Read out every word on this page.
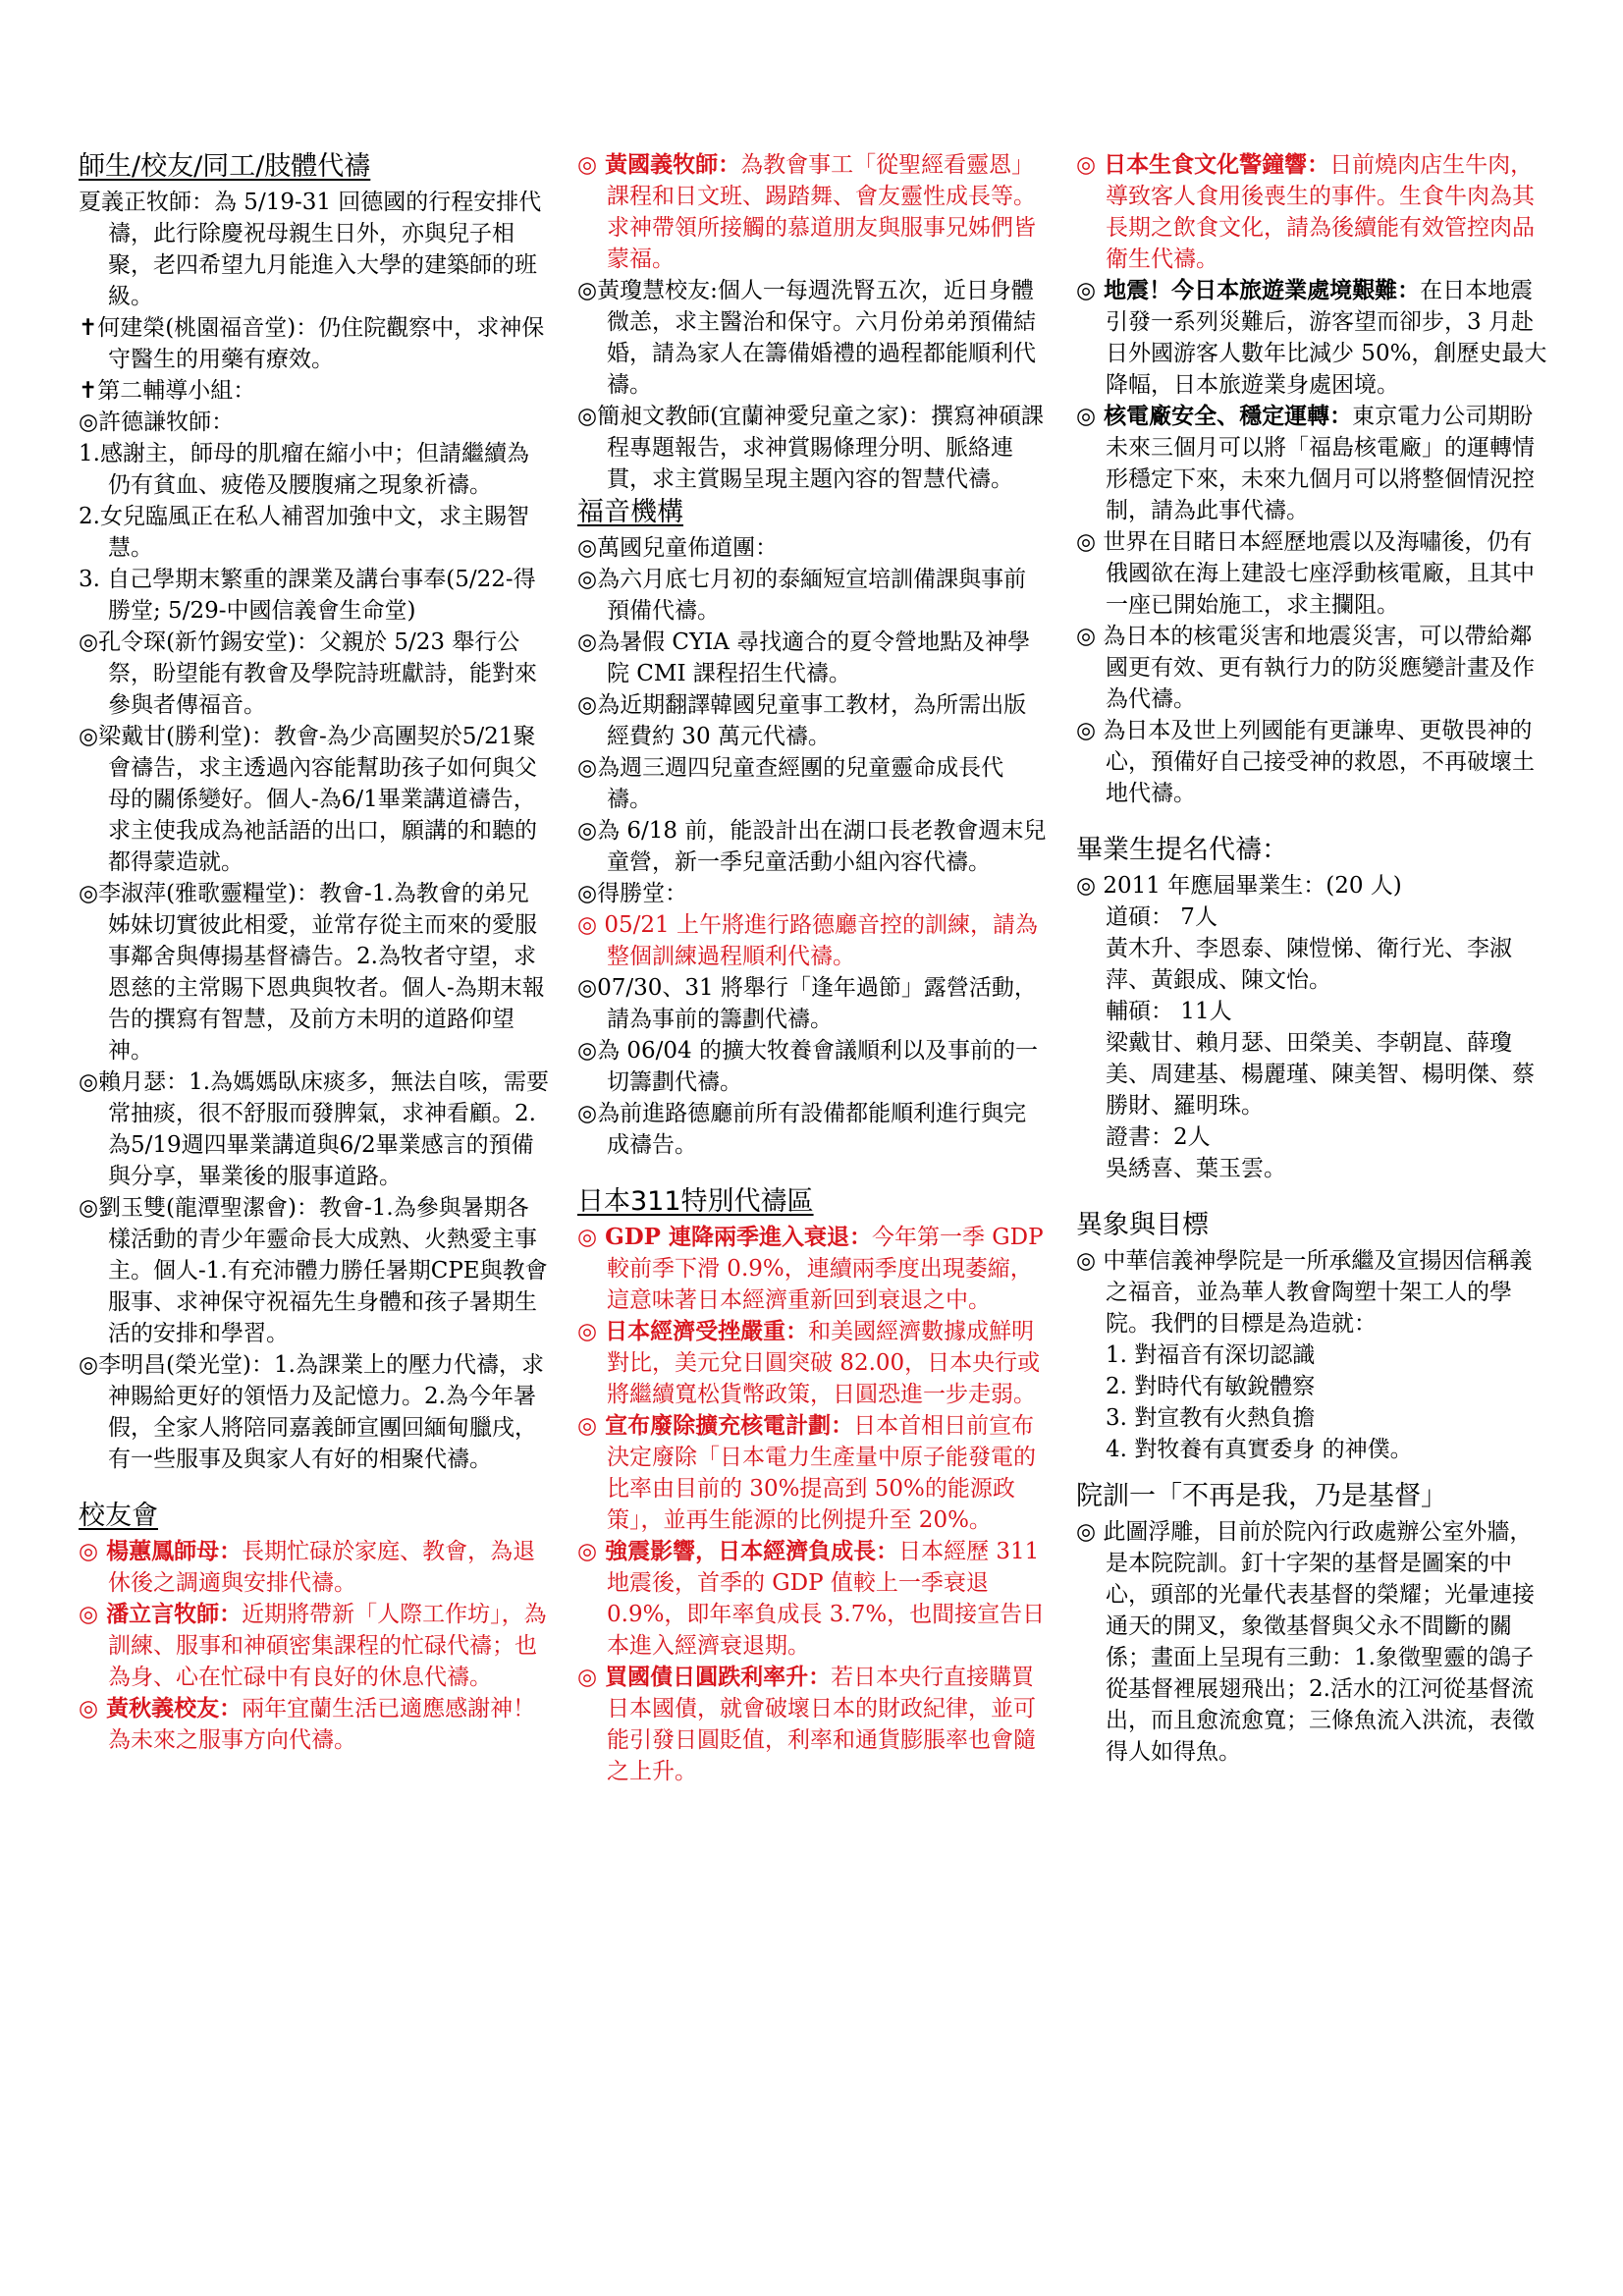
師生/校友/同工/肢體代禱

夏義正牧師：為 5/19-31 回德國的行程安排代禱，此行除慶祝母親生日外，亦與兒子相聚，老四希望九月能進入大學的建築師的班級。

✝何建榮(桃園福音堂)：仍住院觀察中，求神保守醫生的用藥有療效。

✝第二輔導小組：

◎許德謙牧師：

1.感謝主，師母的肌瘤在縮小中；但請繼續為仍有貧血、疲倦及腰腹痛之現象祈禱。

2.女兒臨風正在私人補習加強中文，求主賜智慧。

3. 自己學期末繁重的課業及講台事奉(5/22-得勝堂; 5/29-中國信義會生命堂)

◎孔令琛(新竹錫安堂)：父親於 5/23 舉行公祭，盼望能有教會及學院詩班獻詩，能對來參與者傳福音。

◎梁戴甘(勝利堂)：教會-為少高團契於5/21聚會禱告，求主透過內容能幫助孩子如何與父母的關係變好。個人-為6/1畢業講道禱告，求主使我成為祂話語的出口，願講的和聽的都得蒙造就。

◎李淑萍(雅歌靈糧堂)：教會-1.為教會的弟兄姊妹切實彼此相愛，並常存從主而來的愛服事鄰舍與傳揚基督禱告。2.為牧者守望，求恩慈的主常賜下恩典與牧者。個人-為期末報告的撰寫有智慧，及前方未明的道路仰望神。

◎賴月瑟：1.為媽媽臥床痰多，無法自咳，需要常抽痰，很不舒服而發脾氣，求神看顧。2.為5/19週四畢業講道與6/2畢業感言的預備與分享，畢業後的服事道路。

◎劉玉雙(龍潭聖潔會)：教會-1.為參與暑期各樣活動的青少年靈命長大成熟、火熱愛主事主。個人-1.有充沛體力勝任暑期CPE與教會服事、求神保守祝福先生身體和孩子暑期生活的安排和學習。

◎李明昌(榮光堂)：1.為課業上的壓力代禱，求神賜給更好的領悟力及記憶力。2.為今年暑假，全家人將陪同嘉義師宣團回緬甸臘戌，有一些服事及與家人有好的相聚代禱。

校友會

◎ 楊蕙鳳師母：長期忙碌於家庭、教會，為退休後之調適與安排代禱。

◎ 潘立言牧師：近期將帶新「人際工作坊」，為訓練、服事和神碩密集課程的忙碌代禱；也為身、心在忙碌中有良好的休息代禱。

◎ 黃秋義校友：兩年宜蘭生活已適應感謝神！為未來之服事方向代禱。

◎ 黃國義牧師：為教會事工「從聖經看靈恩」課程和日文班、踢踏舞、會友靈性成長等。求神帶領所接觸的慕道朋友與服事兄姊們皆蒙福。

◎黃瓊慧校友:個人一每週洗腎五次，近日身體微恙，求主醫治和保守。六月份弟弟預備結婚，請為家人在籌備婚禮的過程都能順利代禱。

◎簡昶文教師(宜蘭神愛兒童之家)：撰寫神碩課程專題報告，求神賞賜條理分明、脈絡連貫，求主賞賜呈現主題內容的智慧代禱。

福音機構

◎萬國兒童佈道團：

◎為六月底七月初的泰緬短宣培訓備課與事前預備代禱。

◎為暑假 CYIA 尋找適合的夏令營地點及神學院 CMI 課程招生代禱。

◎為近期翻譯韓國兒童事工教材，為所需出版經費約 30 萬元代禱。

◎為週三週四兒童查經團的兒童靈命成長代禱。

◎為 6/18 前，能設計出在湖口長老教會週末兒童營，新一季兒童活動小組內容代禱。

◎得勝堂：

◎ 05/21 上午將進行路德廳音控的訓練，請為整個訓練過程順利代禱。

◎07/30、31 將舉行「逢年過節」露營活動，請為事前的籌劃代禱。

◎為 06/04 的擴大牧養會議順利以及事前的一切籌劃代禱。

◎為前進路德廳前所有設備都能順利進行與完成禱告。

日本311特別代禱區

◎ GDP 連降兩季進入衰退：今年第一季 GDP 較前季下滑 0.9%，連續兩季度出現萎縮，這意味著日本經濟重新回到衰退之中。

◎ 日本經濟受挫嚴重：和美國經濟數據成鮮明對比，美元兌日圓突破 82.00，日本央行或將繼續寬松貨幣政策，日圓恐進一步走弱。

◎ 宣布廢除擴充核電計劃：日本首相日前宣布決定廢除「日本電力生產量中原子能發電的比率由目前的 30%提高到 50%的能源政策」，並再生能源的比例提升至 20%。

◎ 強震影響，日本經濟負成長：日本經歷 311 地震後，首季的 GDP 值較上一季衰退 0.9%，即年率負成長 3.7%，也間接宣告日本進入經濟衰退期。

◎ 買國債日圓跌利率升：若日本央行直接購買日本國債，就會破壞日本的財政紀律，並可能引發日圓貶值，利率和通貨膨脹率也會隨之上升。

◎ 日本生食文化警鐘響：日前燒肉店生牛肉，導致客人食用後喪生的事件。生食牛肉為其長期之飲食文化，請為後續能有效管控肉品衛生代禱。

◎ 地震！今日本旅遊業處境艱難：在日本地震引發一系列災難后，游客望而卻步，3 月赴日外國游客人數年比減少 50%，創歷史最大降幅，日本旅遊業身處困境。

◎ 核電廠安全、穩定運轉：東京電力公司期盼未來三個月可以將「福島核電廠」的運轉情形穩定下來，未來九個月可以將整個情況控制，請為此事代禱。

◎ 世界在目睹日本經歷地震以及海嘯後，仍有俄國欲在海上建設七座浮動核電廠，且其中一座已開始施工，求主攔阻。

◎ 為日本的核電災害和地震災害，可以帶給鄰國更有效、更有執行力的防災應變計畫及作為代禱。

◎ 為日本及世上列國能有更謙卑、更敬畏神的心，預備好自己接受神的救恩，不再破壞土地代禱。

畢業生提名代禱：

◎ 2011 年應屆畢業生：(20 人)

道碩： 7人

黃木升、李恩泰、陳愷悌、衛行光、李淑萍、黃銀成、陳文怡。

輔碩： 11人

梁戴甘、賴月瑟、田榮美、李朝崑、薛瓊美、周建基、楊麗瑾、陳美智、楊明傑、蔡勝財、羅明珠。

證書：2人

吳綉喜、葉玉雲。

異象與目標

◎ 中華信義神學院是一所承繼及宣揚因信稱義之福音，並為華人教會陶塑十架工人的學院。我們的目標是為造就：

1. 對福音有深切認識

2. 對時代有敏銳體察

3. 對宣教有火熱負擔

4. 對牧養有真實委身 的神僕。

院訓一「不再是我，乃是基督」

◎ 此圖浮雕，目前於院內行政處辦公室外牆，是本院院訓。釘十字架的基督是圖案的中心，頭部的光暈代表基督的榮耀；光暈連接通天的開叉，象徵基督與父永不間斷的關係；畫面上呈現有三動：1.象徵聖靈的鴿子從基督裡展翅飛出；2.活水的江河從基督流出，而且愈流愈寬；三條魚流入洪流，表徵得人如得魚。
